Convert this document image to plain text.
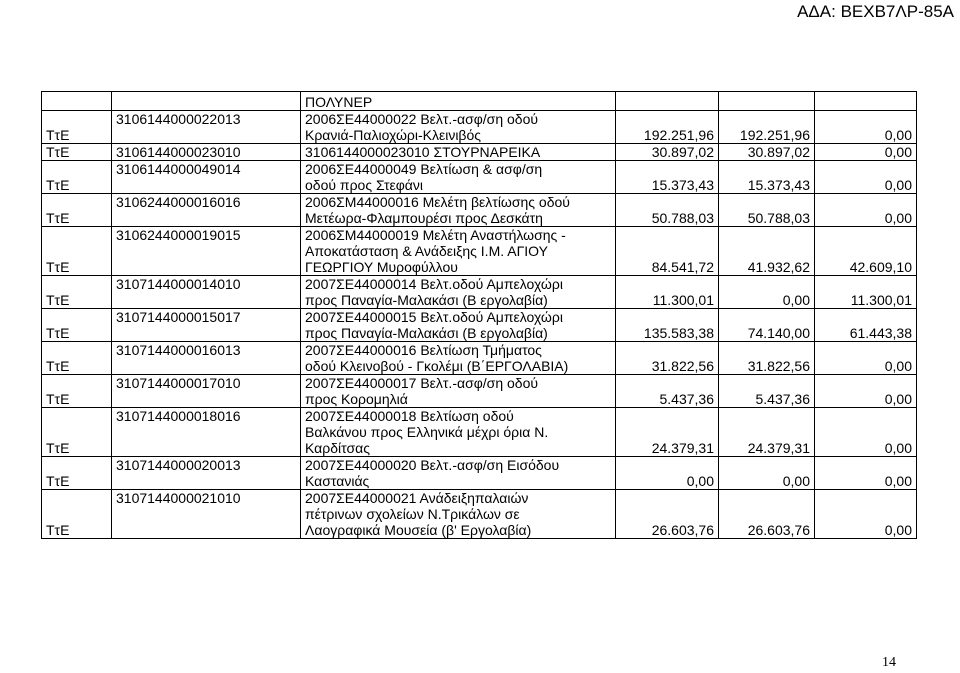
ΑΔΑ: ΒΕΧΒ7ΛΡ-85Α
		ΠΟΛΥΝΕΡ			
ΤτΕ	3106144000022013	2006ΣΕ44000022 Βελτ.-ασφ/ση οδού
Κρανιά-Παλιοχώρι-Κλεινιβός	192.251,96	192.251,96	0,00
ΤτΕ	3106144000023010	3106144000023010 ΣΤΟΥΡΝΑΡΕΙΚΑ	30.897,02	30.897,02	0,00
ΤτΕ	3106144000049014	2006ΣΕ44000049 Βελτίωση & ασφ/ση
οδού προς Στεφάνι	15.373,43	15.373,43	0,00
ΤτΕ	3106244000016016	2006ΣΜ44000016 Μελέτη βελτίωσης οδού
Μετέωρα-Φλαμπουρέσι προς Δεσκάτη	50.788,03	50.788,03	0,00
ΤτΕ	3106244000019015	2006ΣΜ44000019 Μελέτη Αναστήλωσης -
Αποκατάσταση & Ανάδειξης Ι.Μ. ΑΓΙΟΥ
ΓΕΩΡΓΙΟΥ Μυροφύλλου	84.541,72	41.932,62	42.609,10
ΤτΕ	3107144000014010	2007ΣΕ44000014 Βελτ.οδού Αμπελοχώρι
προς Παναγία-Μαλακάσι (Β εργολαβία)	11.300,01	0,00	11.300,01
ΤτΕ	3107144000015017	2007ΣΕ44000015 Βελτ.οδού Αμπελοχώρι
προς Παναγία-Μαλακάσι (Β εργολαβία)	135.583,38	74.140,00	61.443,38
ΤτΕ	3107144000016013	2007ΣΕ44000016 Βελτίωση Τμήματος
οδού Κλεινοβού - Γκολέμι (Β΄ΕΡΓΟΛΑΒΙΑ)	31.822,56	31.822,56	0,00
ΤτΕ	3107144000017010	2007ΣΕ44000017 Βελτ.-ασφ/ση οδού
προς Κορομηλιά	5.437,36	5.437,36	0,00
ΤτΕ	3107144000018016	2007ΣΕ44000018 Βελτίωση οδού
Βαλκάνου προς Ελληνικά μέχρι όρια Ν.
Καρδίτσας	24.379,31	24.379,31	0,00
ΤτΕ	3107144000020013	2007ΣΕ44000020 Βελτ.-ασφ/ση Εισόδου
Καστανιάς	0,00	0,00	0,00
ΤτΕ	3107144000021010	2007ΣΕ44000021 Ανάδειξηπαλαιών
πέτρινων σχολείων Ν.Τρικάλων σε
Λαογραφικά Μουσεία (β' Εργολαβία)	26.603,76	26.603,76	0,00
14
